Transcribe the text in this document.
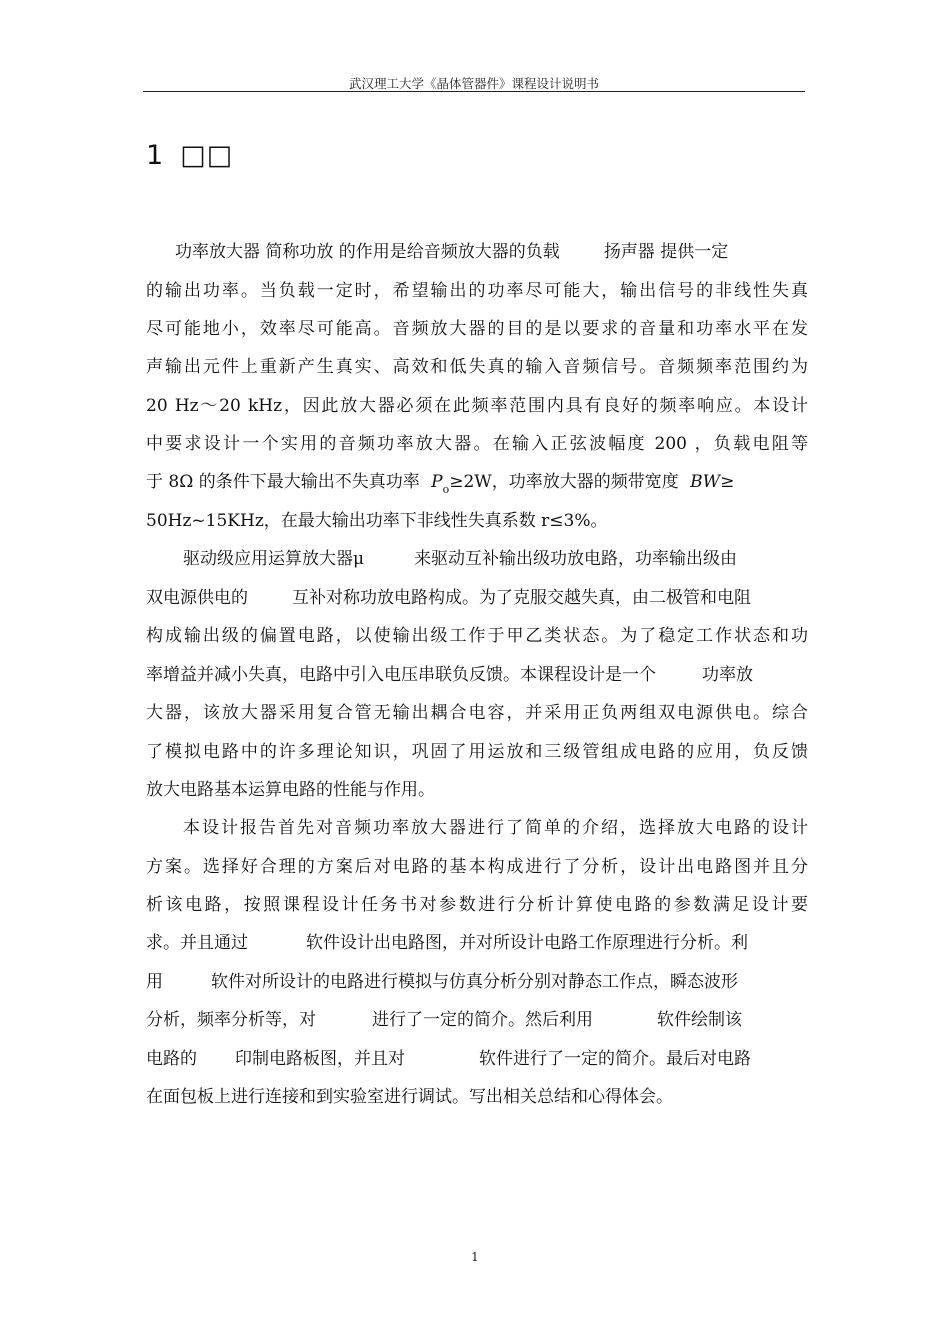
武汉理工大学《晶体管器件》课程设计说明书
1 □□
功率放大器 简称功放 的作用是给音频放大器的负载	扬声器 提供一定
的输出功率。当负载一定时，希望输出的功率尽可能大，输出信号的非线性失真
尽可能地小，效率尽可能高。音频放大器的目的是以要求的音量和功率水平在发
声输出元件上重新产生真实、高效和低失真的输入音频信号。音频频率范围约为
20 Hz～20 kHz，因此放大器必须在此频率范围内具有良好的频率响应。本设计
中要求设计一个实用的音频功率放大器。在输入正弦波幅度 200 ，负载电阻等
于 8Ω 的条件下最大输出不失真功率 $P_o\ge 2W$，功率放大器的频带宽度 BW≥
50Hz~15KHz，在最大输出功率下非线性失真系数 r≤3%。
驱动级应用运算放大器μ	来驱动互补输出级功放电路，功率输出级由
双电源供电的	互补对称功放电路构成。为了克服交越失真，由二极管和电阻
构成输出级的偏置电路，以使输出级工作于甲乙类状态。为了稳定工作状态和功
率增益并减小失真，电路中引入电压串联负反馈。本课程设计是一个	功率放
大器，该放大器采用复合管无输出耦合电容，并采用正负两组双电源供电。综合
了模拟电路中的许多理论知识，巩固了用运放和三级管组成电路的应用，负反馈
放大电路基本运算电路的性能与作用。
本设计报告首先对音频功率放大器进行了简单的介绍，选择放大电路的设计
方案。选择好合理的方案后对电路的基本构成进行了分析，设计出电路图并且分
析该电路，按照课程设计任务书对参数进行分析计算使电路的参数满足设计要
求。并且通过	软件设计出电路图，并对所设计电路工作原理进行分析。利
用	软件对所设计的电路进行模拟与仿真分析分别对静态工作点，瞬态波形
分析，频率分析等，对	进行了一定的简介。然后利用	软件绘制该
电路的 印制电路板图，并且对	软件进行了一定的简介。最后对电路
在面包板上进行连接和到实验室进行调试。写出相关总结和心得体会。
1
